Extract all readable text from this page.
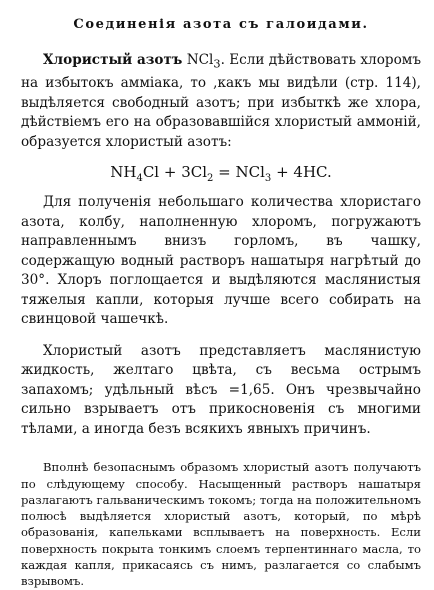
Соединенія азота съ галоидами.

Хлористый азотъ NCl$_3$. Если дѣйствовать хлоромъ на избытокъ амміака, то ,какъ мы видѣли (стр. 114), выдѣляется свободный азотъ; при избыткѣ же хлора, дѣйствіемъ его на образовавшійся хлористый аммоній, образуется хлористый азотъ:

$NH_4Cl + 3Cl_2 = NCl_3 + 4HC$.

Для полученія небольшаго количества хлористаго азота, колбу, наполненную хлоромъ, погружаютъ направленнымъ внизъ горломъ, въ чашку, содержащую водный растворъ нашатыря нагрѣтый до 30°. Хлоръ поглощается и выдѣляются маслянистыя тяжелыя капли, которыя лучше всего собирать на свинцовой чашечкѣ.

Хлористый азотъ представляетъ маслянистую жидкость, желтаго цвѣта, съ весьма острымъ запахомъ; удѣльный вѣсъ =1,65. Онъ чрезвычайно сильно взрываетъ отъ прикосновенія съ многими тѣлами, а иногда безъ всякихъ явныхъ причинъ.

Вполнѣ безопаснымъ образомъ хлористый азотъ получаютъ по слѣдующему способу. Насыщенный растворъ нашатыря разлагаютъ гальваническимъ токомъ; тогда на положительномъ полюсѣ выдѣляется хлористый азотъ, который, по мѣрѣ образованія, капельками всплываетъ на поверхность. Если поверхность покрыта тонкимъ слоемъ терпентиннаго масла, то каждая капля, прикасаясь съ нимъ, разлагается со слабымъ взрывомъ.
